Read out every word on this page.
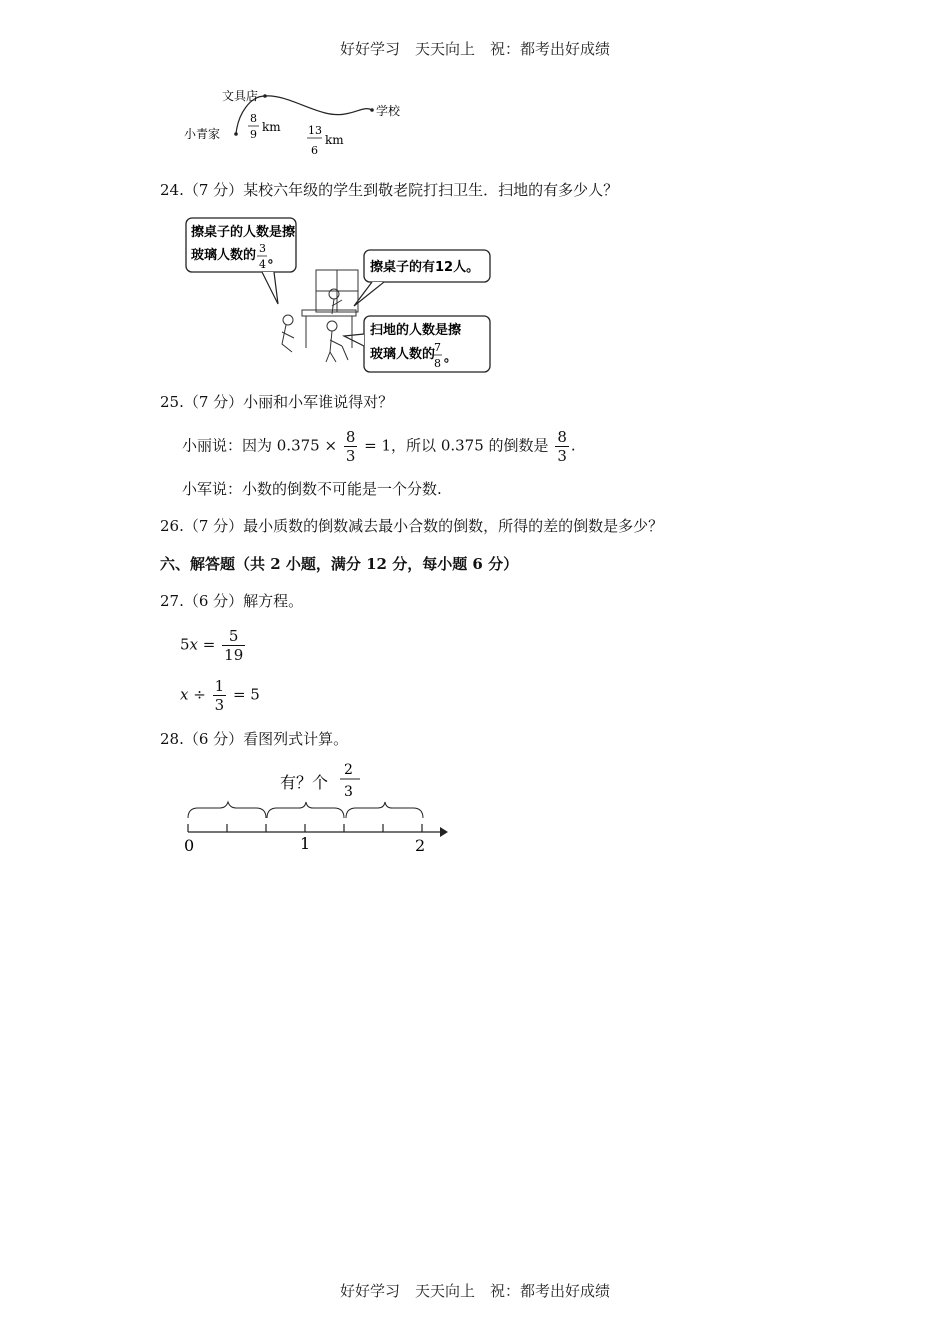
好好学习　天天向上　祝：都考出好成绩
文具店
小青家
学校
8
9
km 13
6
km
24.（7 分）某校六年级的学生到敬老院打扫卫生．扫地的有多少人？
擦桌子的人数是擦
玻璃人数的 3
4 。
擦桌子的有12人。
扫地的人数是擦
玻璃人数的
7
8 。
25.（7 分）小丽和小军谁说得对？
小丽说：因为 $0.375 \times \frac{8}{3} = 1$，所以 0.375 的倒数是 $\frac{8}{3}$ .
小军说：小数的倒数不可能是一个分数.
26.（7 分）最小质数的倒数减去最小合数的倒数，所得的差的倒数是多少？
六、解答题（共 2 小题，满分 12 分，每小题 6 分）
27.（6 分）解方程。
$5x = \frac{5}{19}$
$x \div \frac{1}{3} = 5$
28.（6 分）看图列式计算。
有？个
2
3
0	1	2
好好学习　天天向上　祝：都考出好成绩
